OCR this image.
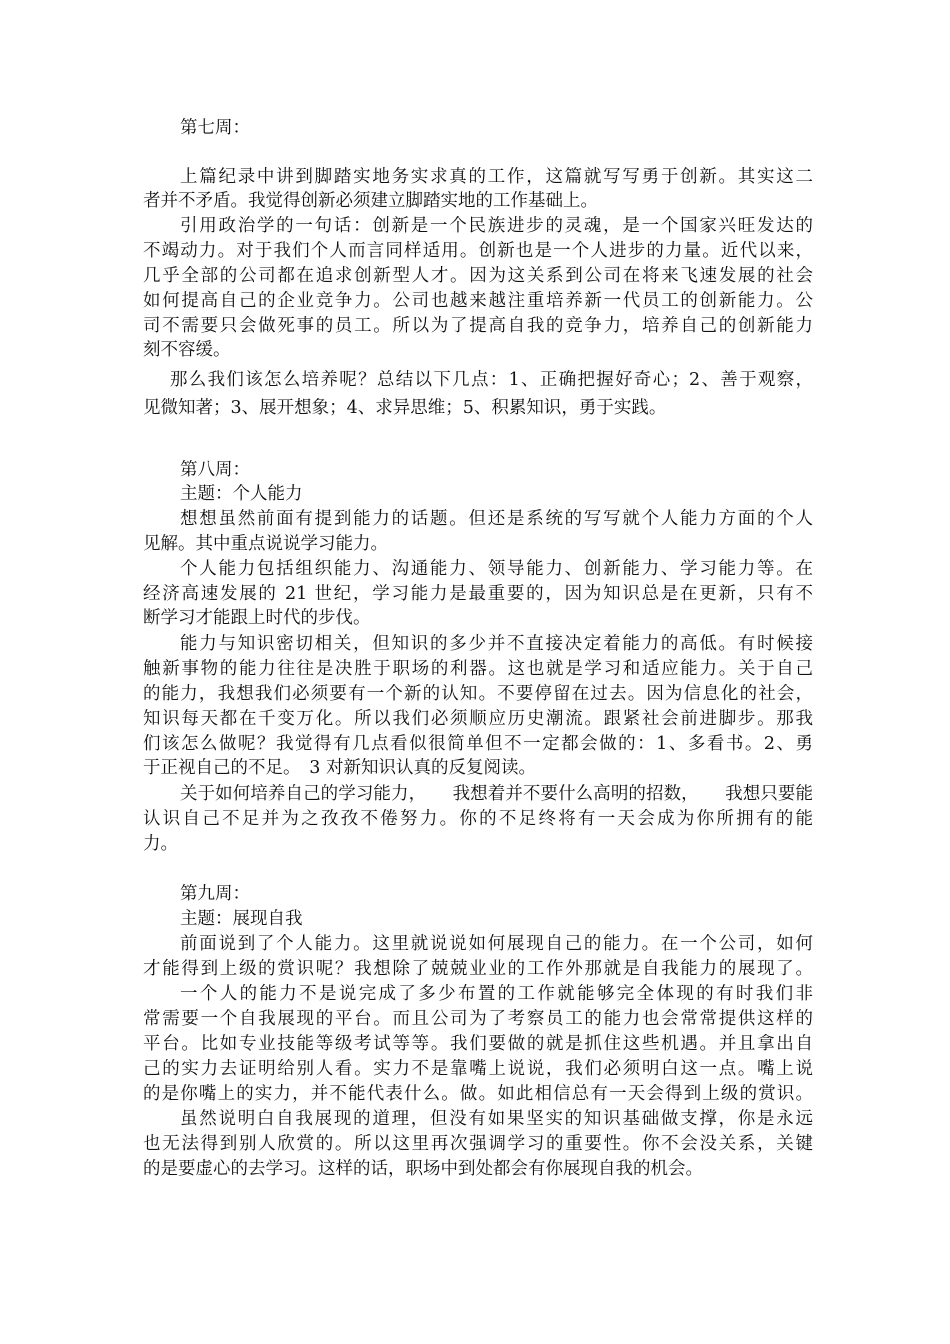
第七周：
上篇纪录中讲到脚踏实地务实求真的工作，这篇就写写勇于创新。其实这二
者并不矛盾。我觉得创新必须建立脚踏实地的工作基础上。
引用政治学的一句话：创新是一个民族进步的灵魂，是一个国家兴旺发达的
不竭动力。对于我们个人而言同样适用。创新也是一个人进步的力量。近代以来，
几乎全部的公司都在追求创新型人才。因为这关系到公司在将来飞速发展的社会
如何提高自己的企业竞争力。公司也越来越注重培养新一代员工的创新能力。公
司不需要只会做死事的员工。所以为了提高自我的竞争力，培养自己的创新能力
刻不容缓。
那么我们该怎么培养呢？总结以下几点：1、正确把握好奇心；2、善于观察，
见微知著；3、展开想象；4、求异思维；5、积累知识，勇于实践。
第八周：
主题：个人能力
想想虽然前面有提到能力的话题。但还是系统的写写就个人能力方面的个人
见解。其中重点说说学习能力。
个人能力包括组织能力、沟通能力、领导能力、创新能力、学习能力等。在
经济高速发展的 21 世纪，学习能力是最重要的，因为知识总是在更新，只有不
断学习才能跟上时代的步伐。
能力与知识密切相关，但知识的多少并不直接决定着能力的高低。有时候接
触新事物的能力往往是决胜于职场的利器。这也就是学习和适应能力。关于自己
的能力，我想我们必须要有一个新的认知。不要停留在过去。因为信息化的社会，
知识每天都在千变万化。所以我们必须顺应历史潮流。跟紧社会前进脚步。那我
们该怎么做呢？我觉得有几点看似很简单但不一定都会做的：1、多看书。2、勇
于正视自己的不足。　3 对新知识认真的反复阅读。
关于如何培养自己的学习能力，　　我想着并不要什么高明的招数，　　我想只要能
认识自己不足并为之孜孜不倦努力。你的不足终将有一天会成为你所拥有的能
力。
第九周：
主题：展现自我
前面说到了个人能力。这里就说说如何展现自己的能力。在一个公司，如何
才能得到上级的赏识呢？我想除了兢兢业业的工作外那就是自我能力的展现了。
一个人的能力不是说完成了多少布置的工作就能够完全体现的有时我们非
常需要一个自我展现的平台。而且公司为了考察员工的能力也会常常提供这样的
平台。比如专业技能等级考试等等。我们要做的就是抓住这些机遇。并且拿出自
己的实力去证明给别人看。实力不是靠嘴上说说，我们必须明白这一点。嘴上说
的是你嘴上的实力，并不能代表什么。做。如此相信总有一天会得到上级的赏识。
虽然说明白自我展现的道理，但没有如果坚实的知识基础做支撑，你是永远
也无法得到别人欣赏的。所以这里再次强调学习的重要性。你不会没关系，关键
的是要虚心的去学习。这样的话，职场中到处都会有你展现自我的机会。
